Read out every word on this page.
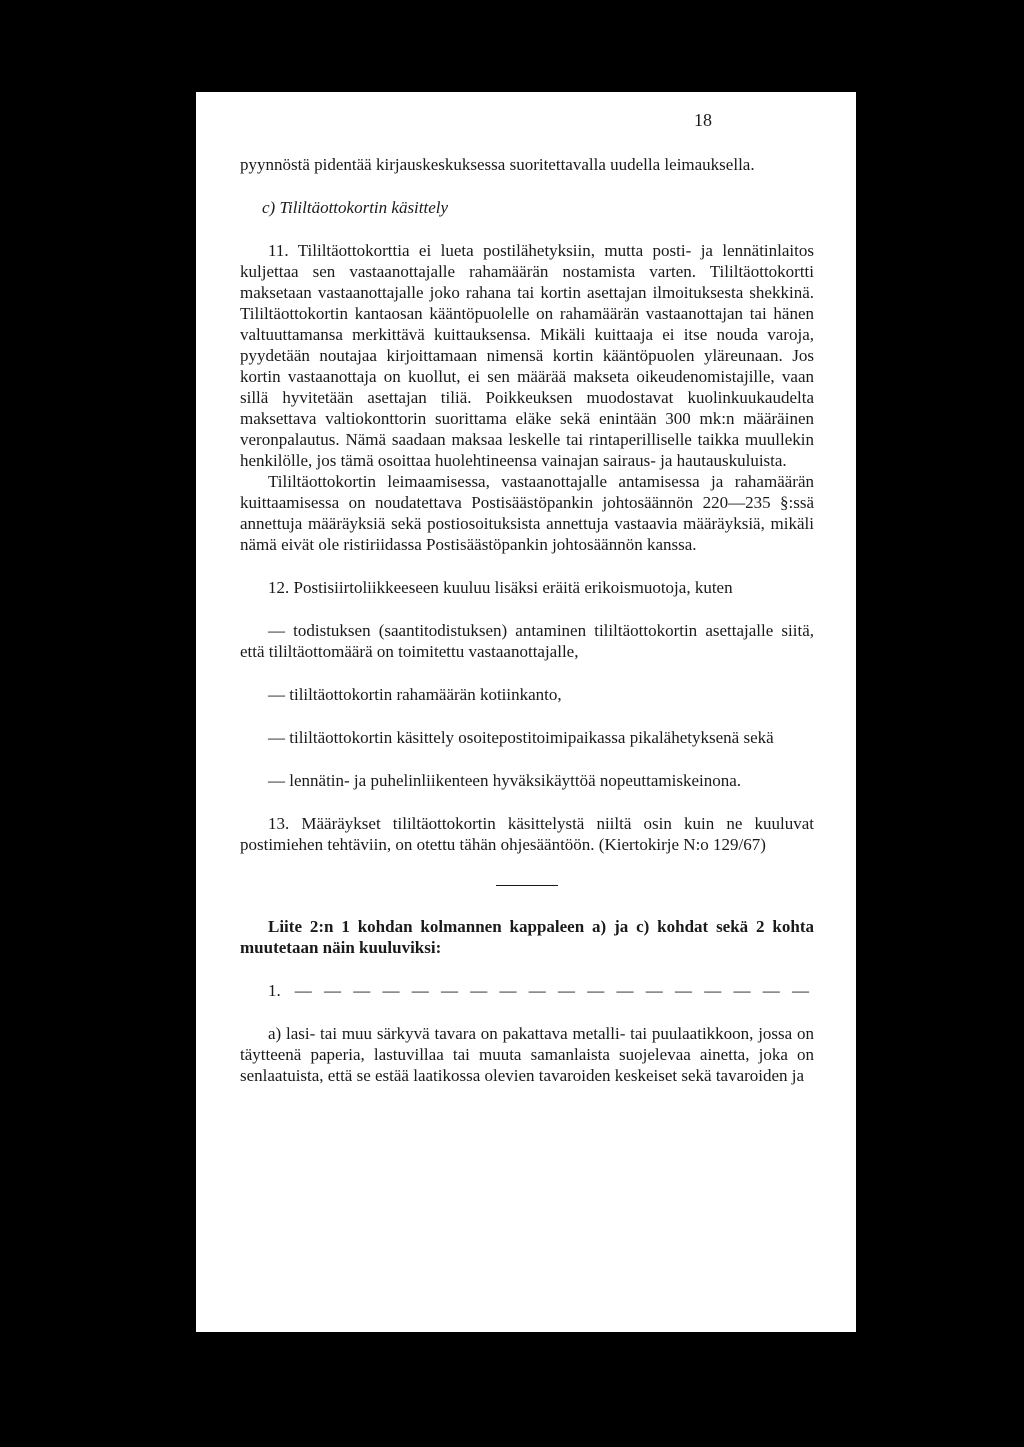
18

pyynnöstä pidentää kirjauskeskuksessa suoritettavalla uudella leimauksella.

c) Tililtäottokortin käsittely

11. Tililtäottokorttia ei lueta postilähetyksiin, mutta posti- ja lennätinlaitos kuljettaa sen vastaanottajalle rahamäärän nostamista varten. Tililtäottokortti maksetaan vastaanottajalle joko rahana tai kortin asettajan ilmoituksesta shekkinä. Tililtäottokortin kantaosan kääntöpuolelle on rahamäärän vastaanottajan tai hänen valtuuttamansa merkittävä kuittauksensa. Mikäli kuittaaja ei itse nouda varoja, pyydetään noutajaa kirjoittamaan nimensä kortin kääntöpuolen yläreunaan. Jos kortin vastaanottaja on kuollut, ei sen määrää makseta oikeudenomistajille, vaan sillä hyvitetään asettajan tiliä. Poikkeuksen muodostavat kuolinkuukaudelta maksettava valtiokonttorin suorittama eläke sekä enintään 300 mk:n määräinen veronpalautus. Nämä saadaan maksaa leskelle tai rintaperilliselle taikka muullekin henkilölle, jos tämä osoittaa huolehtineensa vainajan sairaus- ja hautauskuluista.

Tililtäottokortin leimaamisessa, vastaanottajalle antamisessa ja rahamäärän kuittaamisessa on noudatettava Postisäästöpankin johtosäännön 220—235 §:ssä annettuja määräyksiä sekä postiosoituksista annettuja vastaavia määräyksiä, mikäli nämä eivät ole ristiriidassa Postisäästöpankin johtosäännön kanssa.

12. Postisiirtoliikkeeseen kuuluu lisäksi eräitä erikoismuotoja, kuten

— todistuksen (saantitodistuksen) antaminen tililtäottokortin asettajalle siitä, että tililtäottomäärä on toimitettu vastaanottajalle,

— tililtäottokortin rahamäärän kotiinkanto,

— tililtäottokortin käsittely osoitepostitoimipaikassa pikalähetyksenä sekä

— lennätin- ja puhelinliikenteen hyväksikäyttöä nopeuttamiskeinona.

13. Määräykset tililtäottokortin käsittelystä niiltä osin kuin ne kuuluvat postimiehen tehtäviin, on otettu tähän ohjesääntöön. (Kiertokirje N:o 129/67)

Liite 2:n 1 kohdan kolmannen kappaleen a) ja c) kohdat sekä 2 kohta muutetaan näin kuuluviksi:

1. — — — — — — — — — — — — — — — — — —

a) lasi- tai muu särkyvä tavara on pakattava metalli- tai puulaatikkoon, jossa on täytteenä paperia, lastuvillaa tai muuta samanlaista suojelevaa ainetta, joka on senlaatuista, että se estää laatikossa olevien tavaroiden keskeiset sekä tavaroiden ja
